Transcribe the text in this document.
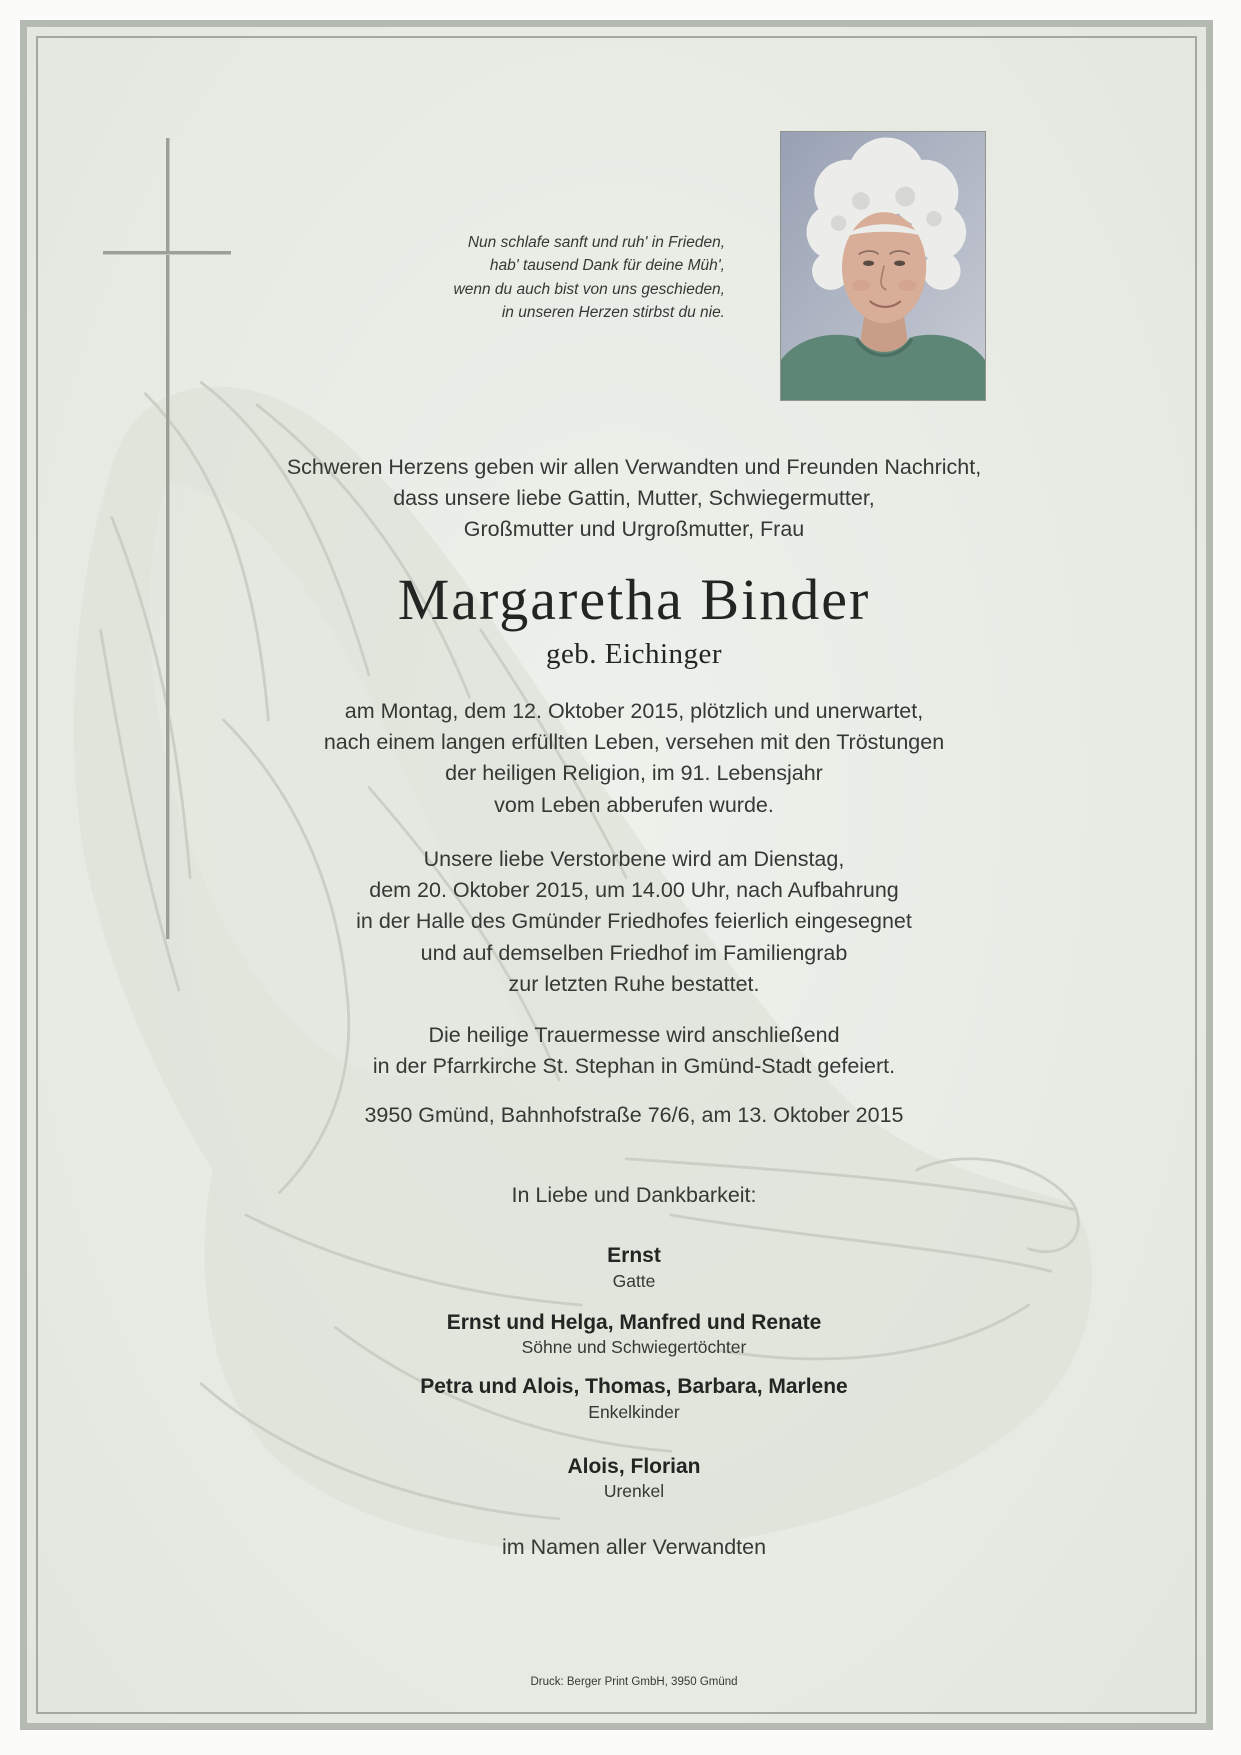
Nun schlafe sanft und ruh' in Frieden,
hab' tausend Dank für deine Müh',
wenn du auch bist von uns geschieden,
in unseren Herzen stirbst du nie.
Schweren Herzens geben wir allen Verwandten und Freunden Nachricht,
dass unsere liebe Gattin, Mutter, Schwiegermutter,
Großmutter und Urgroßmutter, Frau
Margaretha Binder
geb. Eichinger
am Montag, dem 12. Oktober 2015, plötzlich und unerwartet,
nach einem langen erfüllten Leben, versehen mit den Tröstungen
der heiligen Religion, im 91. Lebensjahr
vom Leben abberufen wurde.
Unsere liebe Verstorbene wird am Dienstag,
dem 20. Oktober 2015, um 14.00 Uhr, nach Aufbahrung
in der Halle des Gmünder Friedhofes feierlich eingesegnet
und auf demselben Friedhof im Familiengrab
zur letzten Ruhe bestattet.
Die heilige Trauermesse wird anschließend
in der Pfarrkirche St. Stephan in Gmünd-Stadt gefeiert.
3950 Gmünd, Bahnhofstraße 76/6, am 13. Oktober 2015
In Liebe und Dankbarkeit:
Ernst
Gatte
Ernst und Helga, Manfred und Renate
Söhne und Schwiegertöchter
Petra und Alois, Thomas, Barbara, Marlene
Enkelkinder
Alois, Florian
Urenkel
im Namen aller Verwandten
Druck: Berger Print GmbH, 3950 Gmünd
